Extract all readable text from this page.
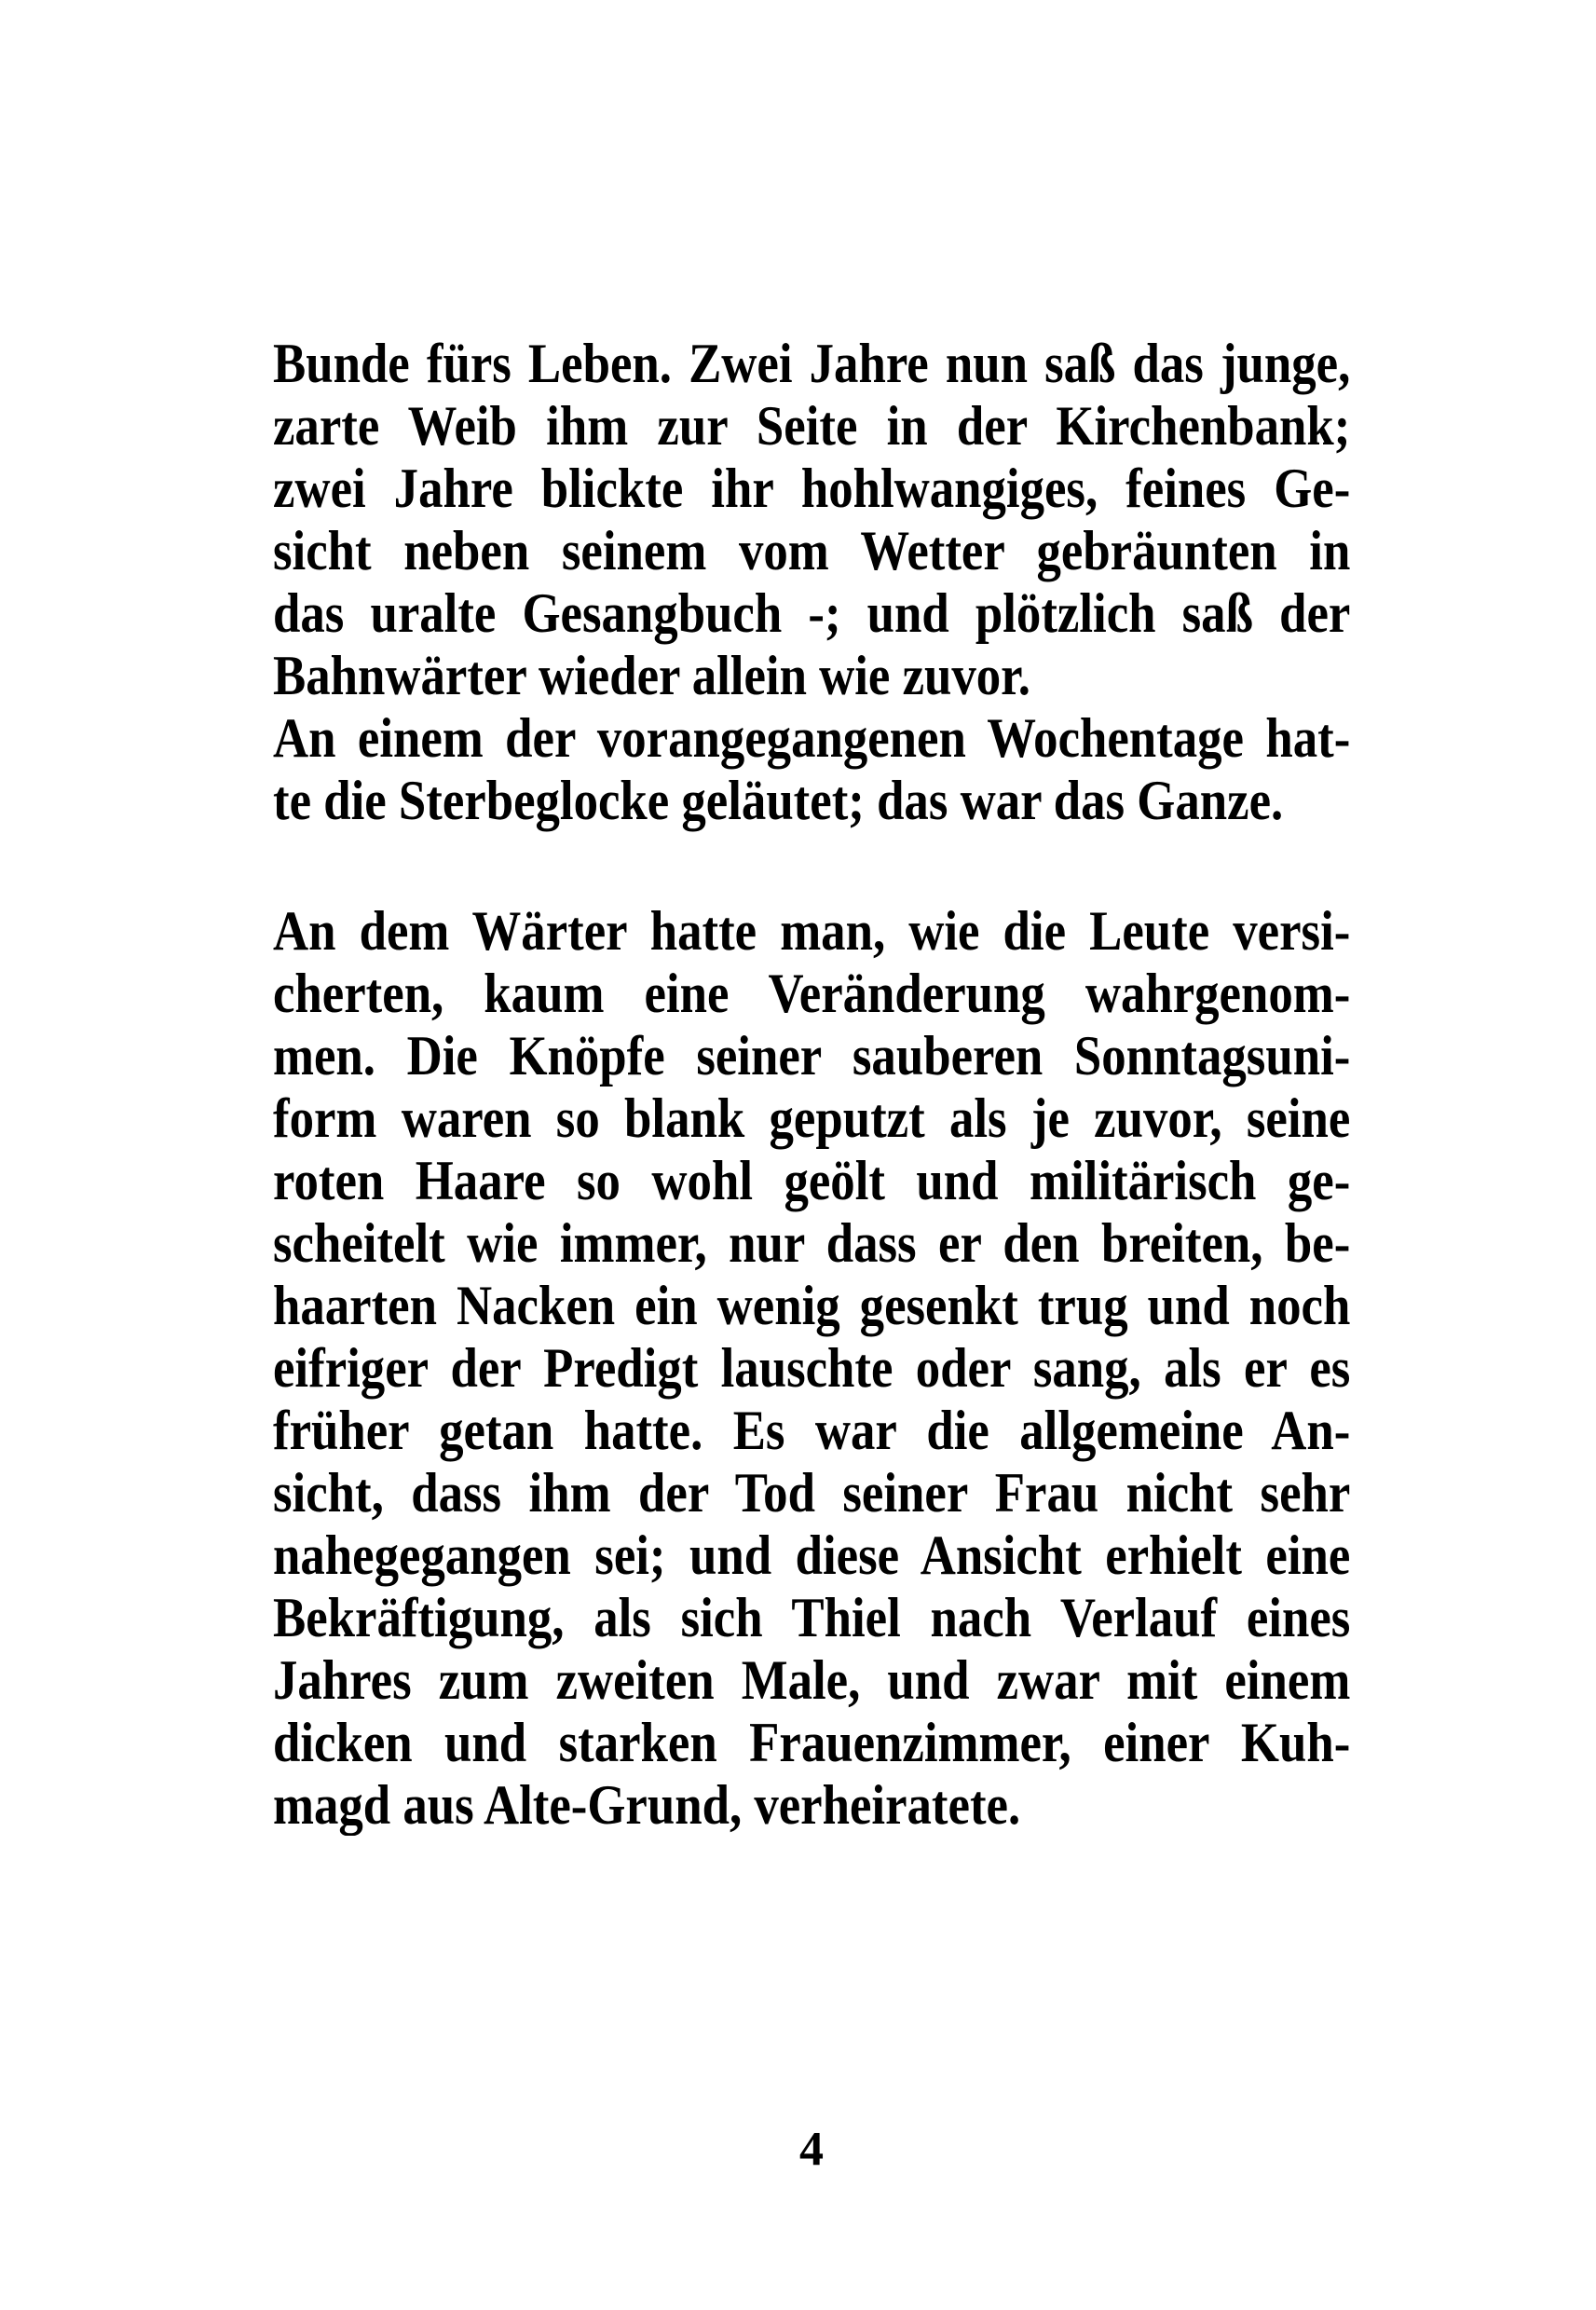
Bunde fürs Leben. Zwei Jahre nun saß das junge,
zarte Weib ihm zur Seite in der Kirchenbank;
zwei Jahre blickte ihr hohlwangiges, feines Ge-
sicht neben seinem vom Wetter gebräunten in
das uralte Gesangbuch -; und plötzlich saß der
Bahnwärter wieder allein wie zuvor.
An einem der vorangegangenen Wochentage hat-
te die Sterbeglocke geläutet; das war das Ganze.
An dem Wärter hatte man, wie die Leute versi-
cherten, kaum eine Veränderung wahrgenom-
men. Die Knöpfe seiner sauberen Sonntagsuni-
form waren so blank geputzt als je zuvor, seine
roten Haare so wohl geölt und militärisch ge-
scheitelt wie immer, nur dass er den breiten, be-
haarten Nacken ein wenig gesenkt trug und noch
eifriger der Predigt lauschte oder sang, als er es
früher getan hatte. Es war die allgemeine An-
sicht, dass ihm der Tod seiner Frau nicht sehr
nahegegangen sei; und diese Ansicht erhielt eine
Bekräftigung, als sich Thiel nach Verlauf eines
Jahres zum zweiten Male, und zwar mit einem
dicken und starken Frauenzimmer, einer Kuh-
magd aus Alte-Grund, verheiratete.
4
